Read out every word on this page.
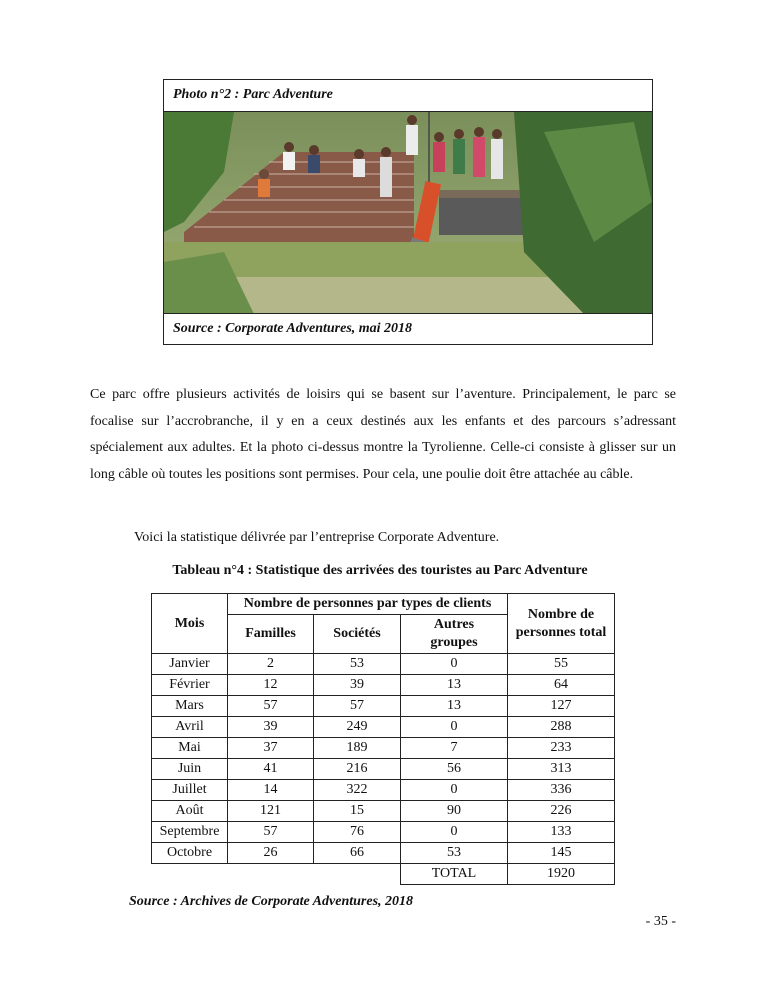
Photo n°2 : Parc Adventure
Source : Corporate Adventures, mai 2018
Ce parc offre plusieurs activités de loisirs qui se basent sur l’aventure. Principalement, le parc se focalise sur l’accrobranche, il y en a ceux destinés aux les enfants et des parcours s’adressant spécialement aux adultes. Et la photo ci-dessus montre la Tyrolienne. Celle-ci consiste à glisser sur un long câble où toutes les positions sont permises. Pour cela, une poulie doit être attachée au câble.
Voici la statistique délivrée par l’entreprise Corporate Adventure.
Tableau n°4 : Statistique des arrivées des touristes au Parc Adventure
Mois	Nombre de personnes par types de clients			Nombre de personnes total
	Familles	Sociétés	Autres groupes	
Janvier	2	53	0	55
Février	12	39	13	64
Mars	57	57	13	127
Avril	39	249	0	288
Mai	37	189	7	233
Juin	41	216	56	313
Juillet	14	322	0	336
Août	121	15	90	226
Septembre	57	76	0	133
Octobre	26	66	53	145
			TOTAL	1920
Source : Archives de Corporate Adventures, 2018
- 35 -
